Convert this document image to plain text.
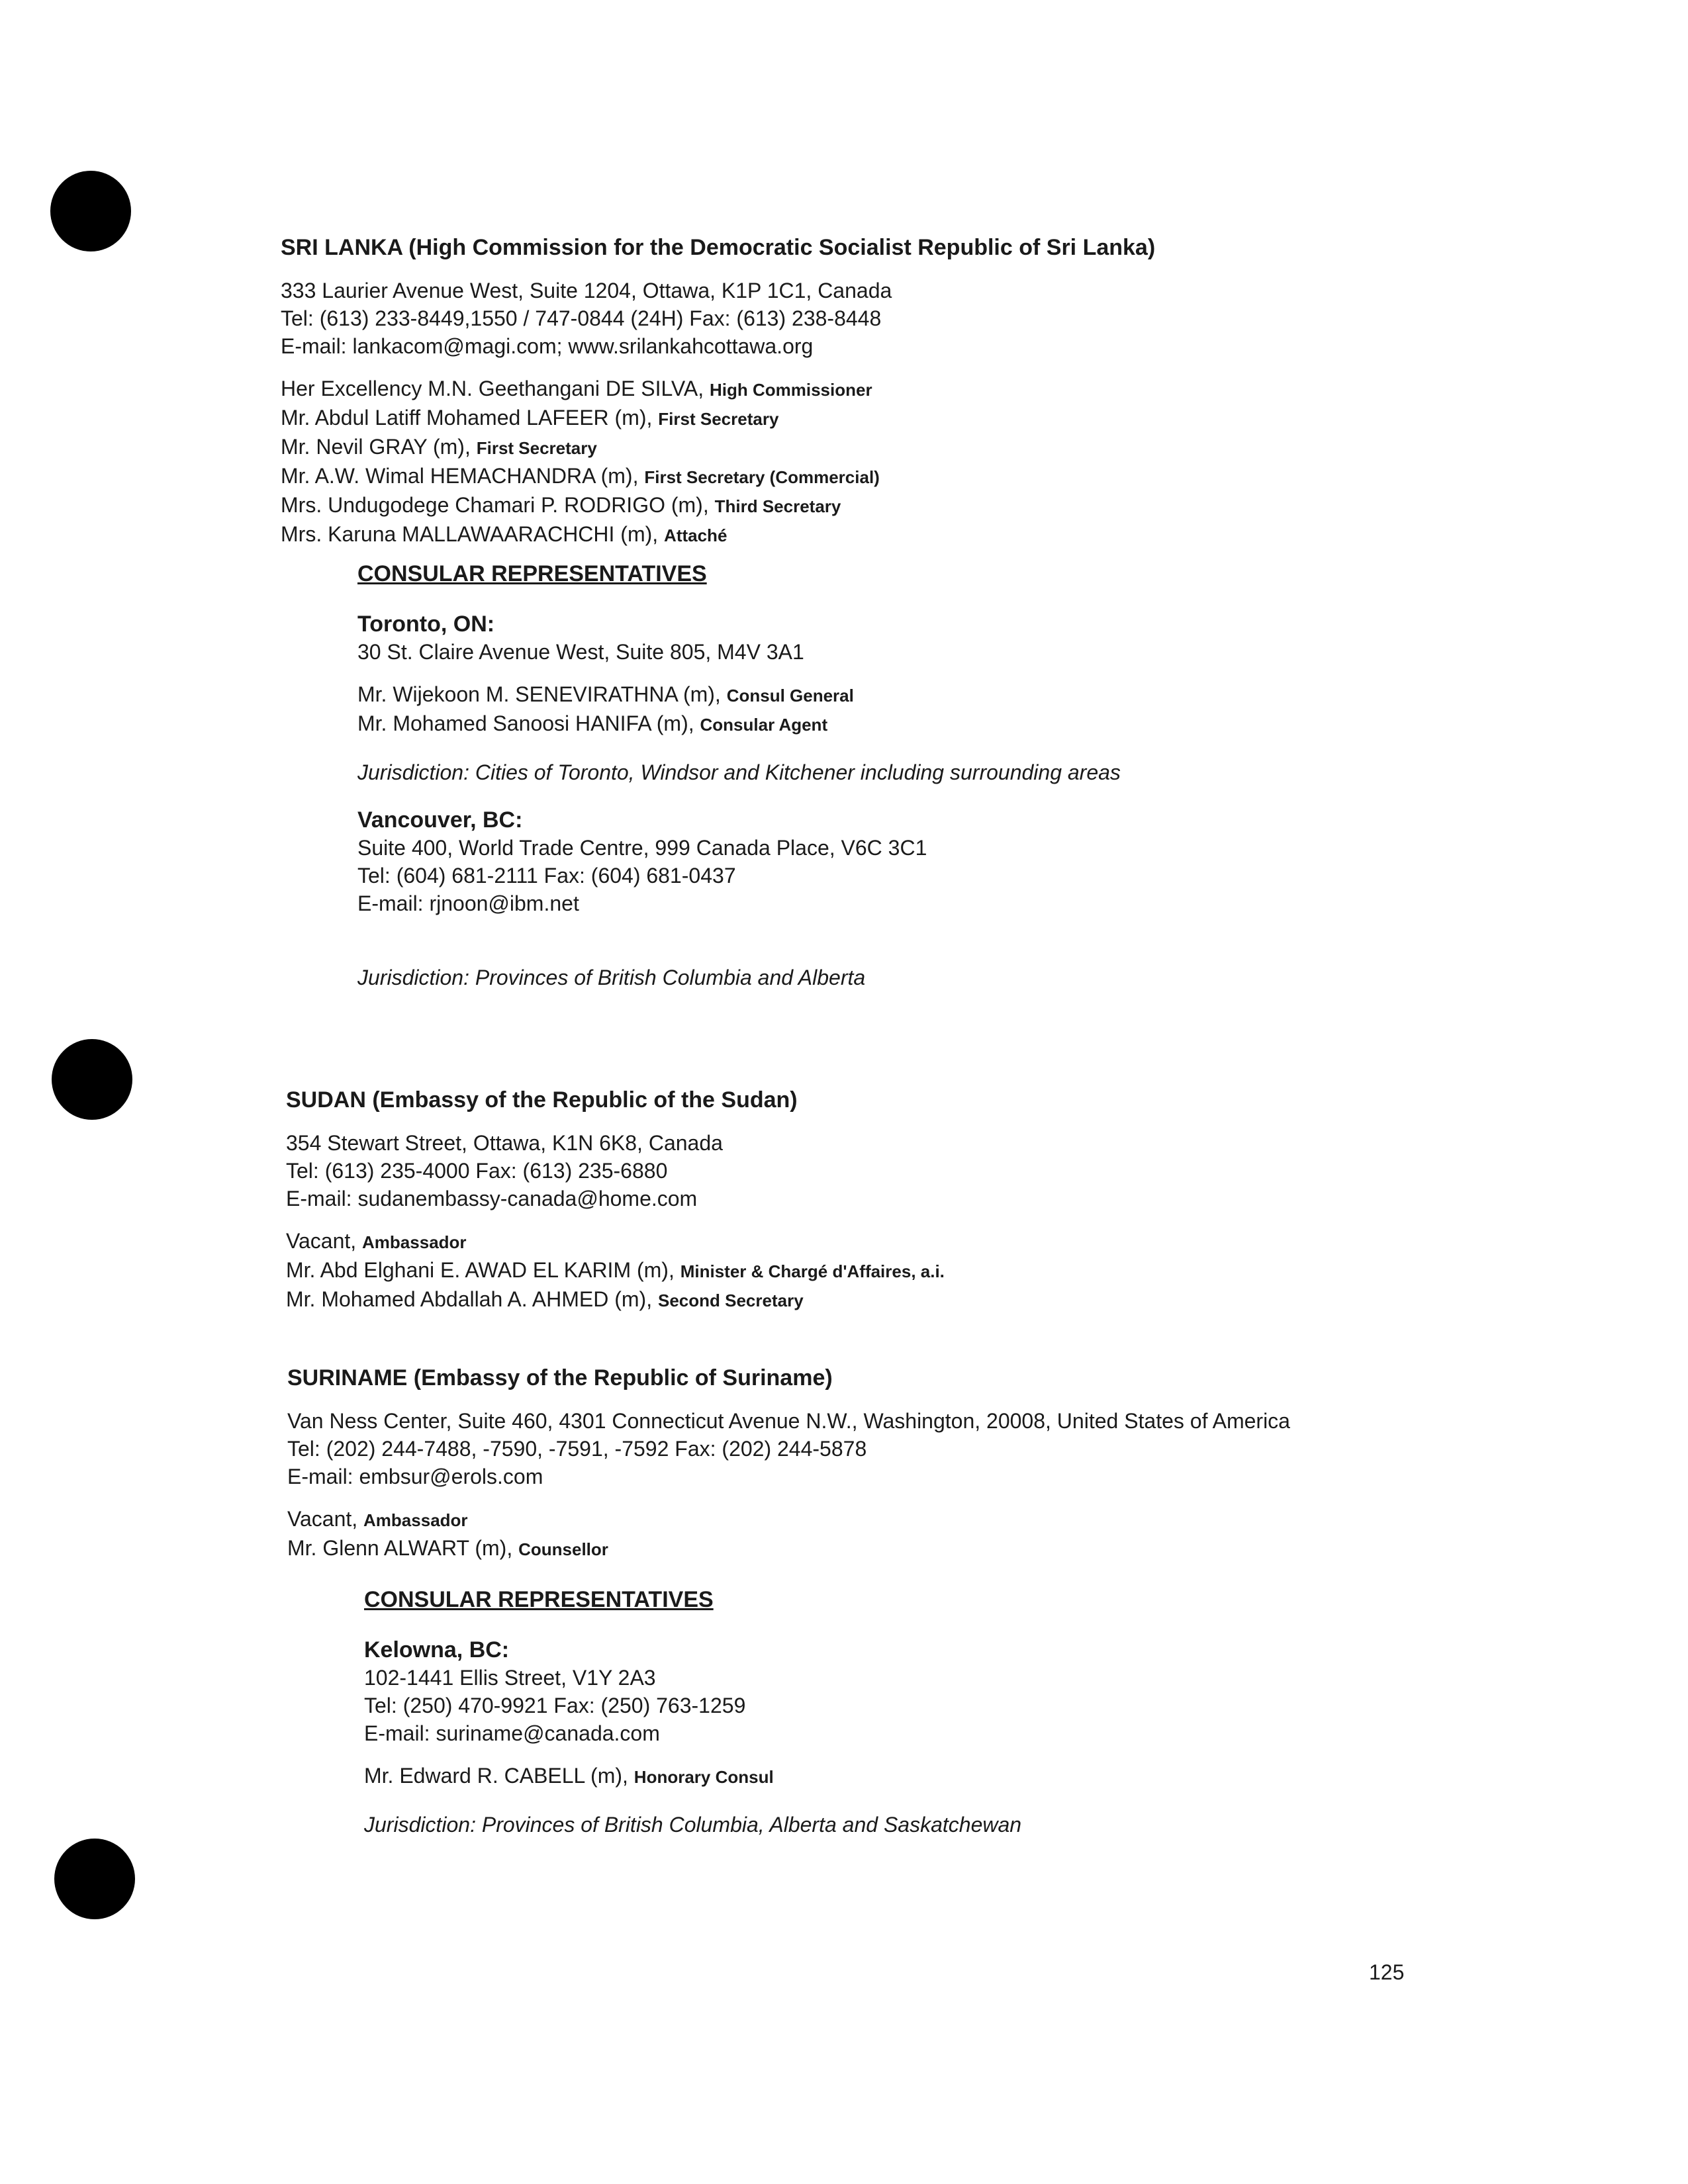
SRI LANKA (High Commission for the Democratic Socialist Republic of Sri Lanka)
333 Laurier Avenue West, Suite 1204, Ottawa, K1P 1C1, Canada
Tel: (613) 233-8449,1550 / 747-0844 (24H) Fax: (613) 238-8448
E-mail: lankacom@magi.com; www.srilankahcottawa.org
Her Excellency M.N. Geethangani DE SILVA, High Commissioner
Mr. Abdul Latiff Mohamed LAFEER (m), First Secretary
Mr. Nevil GRAY (m), First Secretary
Mr. A.W. Wimal HEMACHANDRA (m), First Secretary (Commercial)
Mrs. Undugodege Chamari P. RODRIGO (m), Third Secretary
Mrs. Karuna MALLAWAARACHCHI (m), Attaché
CONSULAR REPRESENTATIVES
Toronto, ON:
30 St. Claire Avenue West, Suite 805, M4V 3A1
Mr. Wijekoon M. SENEVIRATHNA (m), Consul General
Mr. Mohamed Sanoosi HANIFA (m), Consular Agent
Jurisdiction: Cities of Toronto, Windsor and Kitchener including surrounding areas
Vancouver, BC:
Suite 400, World Trade Centre, 999 Canada Place, V6C 3C1
Tel: (604) 681-2111 Fax: (604) 681-0437
E-mail: rjnoon@ibm.net
Jurisdiction: Provinces of British Columbia and Alberta
SUDAN (Embassy of the Republic of the Sudan)
354 Stewart Street, Ottawa, K1N 6K8, Canada
Tel: (613) 235-4000 Fax: (613) 235-6880
E-mail: sudanembassy-canada@home.com
Vacant, Ambassador
Mr. Abd Elghani E. AWAD EL KARIM (m), Minister & Chargé d'Affaires, a.i.
Mr. Mohamed Abdallah A. AHMED (m), Second Secretary
SURINAME (Embassy of the Republic of Suriname)
Van Ness Center, Suite 460, 4301 Connecticut Avenue N.W., Washington, 20008, United States of America
Tel: (202) 244-7488, -7590, -7591, -7592 Fax: (202) 244-5878
E-mail: embsur@erols.com
Vacant, Ambassador
Mr. Glenn ALWART (m), Counsellor
CONSULAR REPRESENTATIVES
Kelowna, BC:
102-1441 Ellis Street, V1Y 2A3
Tel: (250) 470-9921 Fax: (250) 763-1259
E-mail: suriname@canada.com
Mr. Edward R. CABELL (m), Honorary Consul
Jurisdiction: Provinces of British Columbia, Alberta and Saskatchewan
125
